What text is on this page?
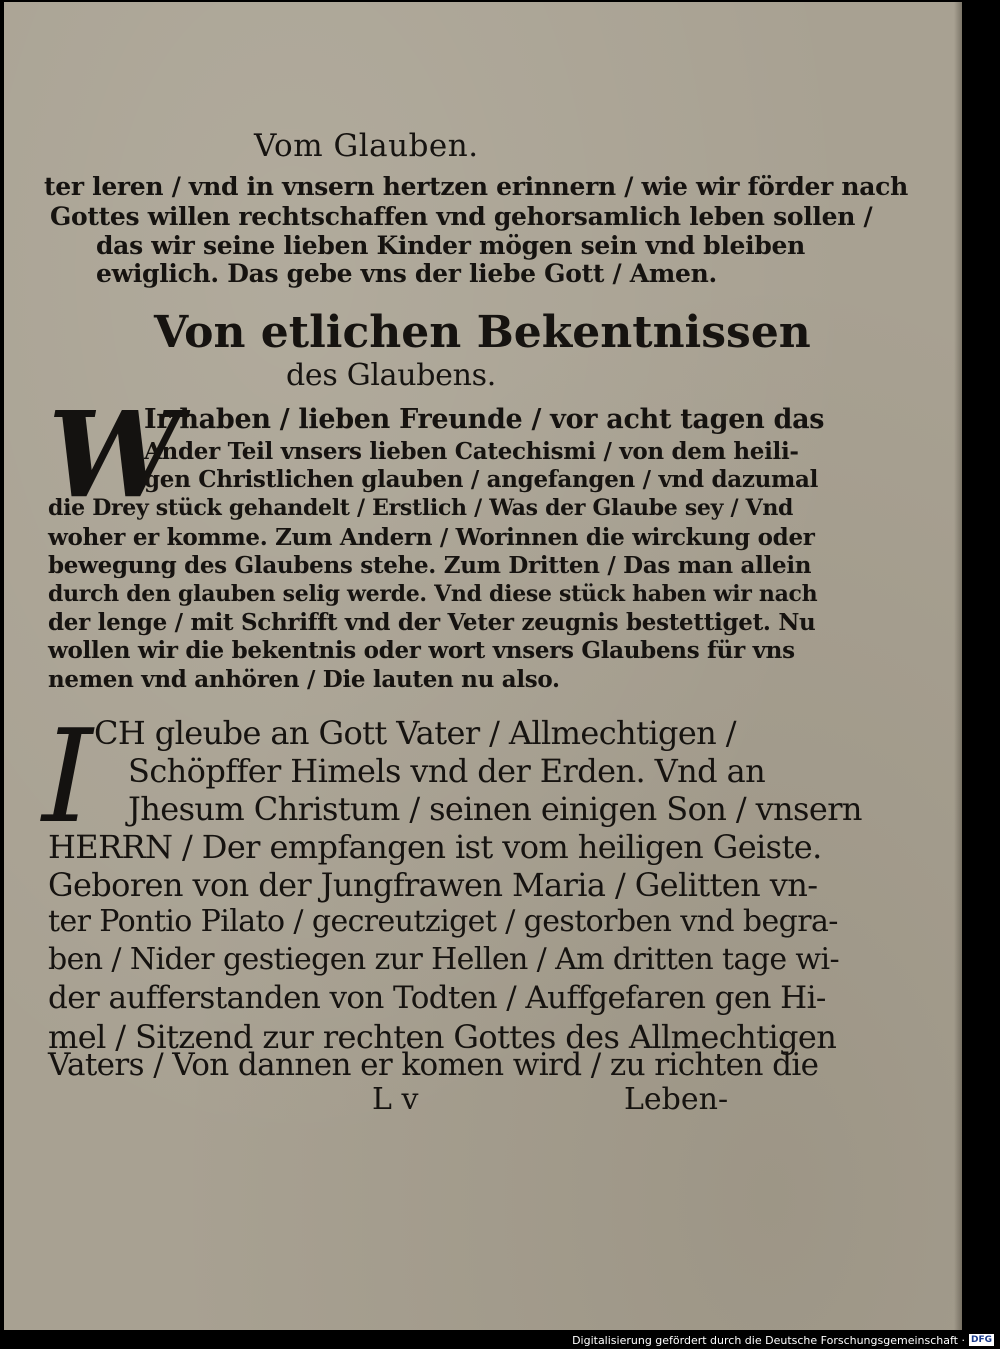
Vom Glauben.
ter leren / vnd in vnsern hertzen erinnern / wie wir förder nach
Gottes willen rechtschaffen vnd gehorsamlich leben sollen /
das wir seine lieben Kinder mögen sein vnd bleiben
ewiglich. Das gebe vns der liebe Gott / Amen.
Von etlichen Bekentnissen
des Glaubens.
W
Ir haben / lieben Freunde / vor acht tagen das
Ander Teil vnsers lieben Catechismi / von dem heili-
gen Christlichen glauben / angefangen / vnd dazumal
die Drey stück gehandelt / Erstlich / Was der Glaube sey / Vnd
woher er komme. Zum Andern / Worinnen die wirckung oder
bewegung des Glaubens stehe. Zum Dritten / Das man allein
durch den glauben selig werde. Vnd diese stück haben wir nach
der lenge / mit Schrifft vnd der Veter zeugnis bestettiget. Nu
wollen wir die bekentnis oder wort vnsers Glaubens für vns
nemen vnd anhören / Die lauten nu also.
I CH gleube an Gott Vater / Allmechtigen /
Schöpffer Himels vnd der Erden. Vnd an
Jhesum Christum / seinen einigen Son / vnsern
HERRN / Der empfangen ist vom heiligen Geiste.
Geboren von der Jungfrawen Maria / Gelitten vn-
ter Pontio Pilato / gecreutziget / gestorben vnd begra-
ben / Nider gestiegen zur Hellen / Am dritten tage wi-
der aufferstanden von Todten / Auffgefaren gen Hi-
mel / Sitzend zur rechten Gottes des Allmechtigen
Vaters / Von dannen er komen wird / zu richten die
L v	Leben-
Digitalisierung gefördert durch die Deutsche Forschungsgemeinschaft · DFG
